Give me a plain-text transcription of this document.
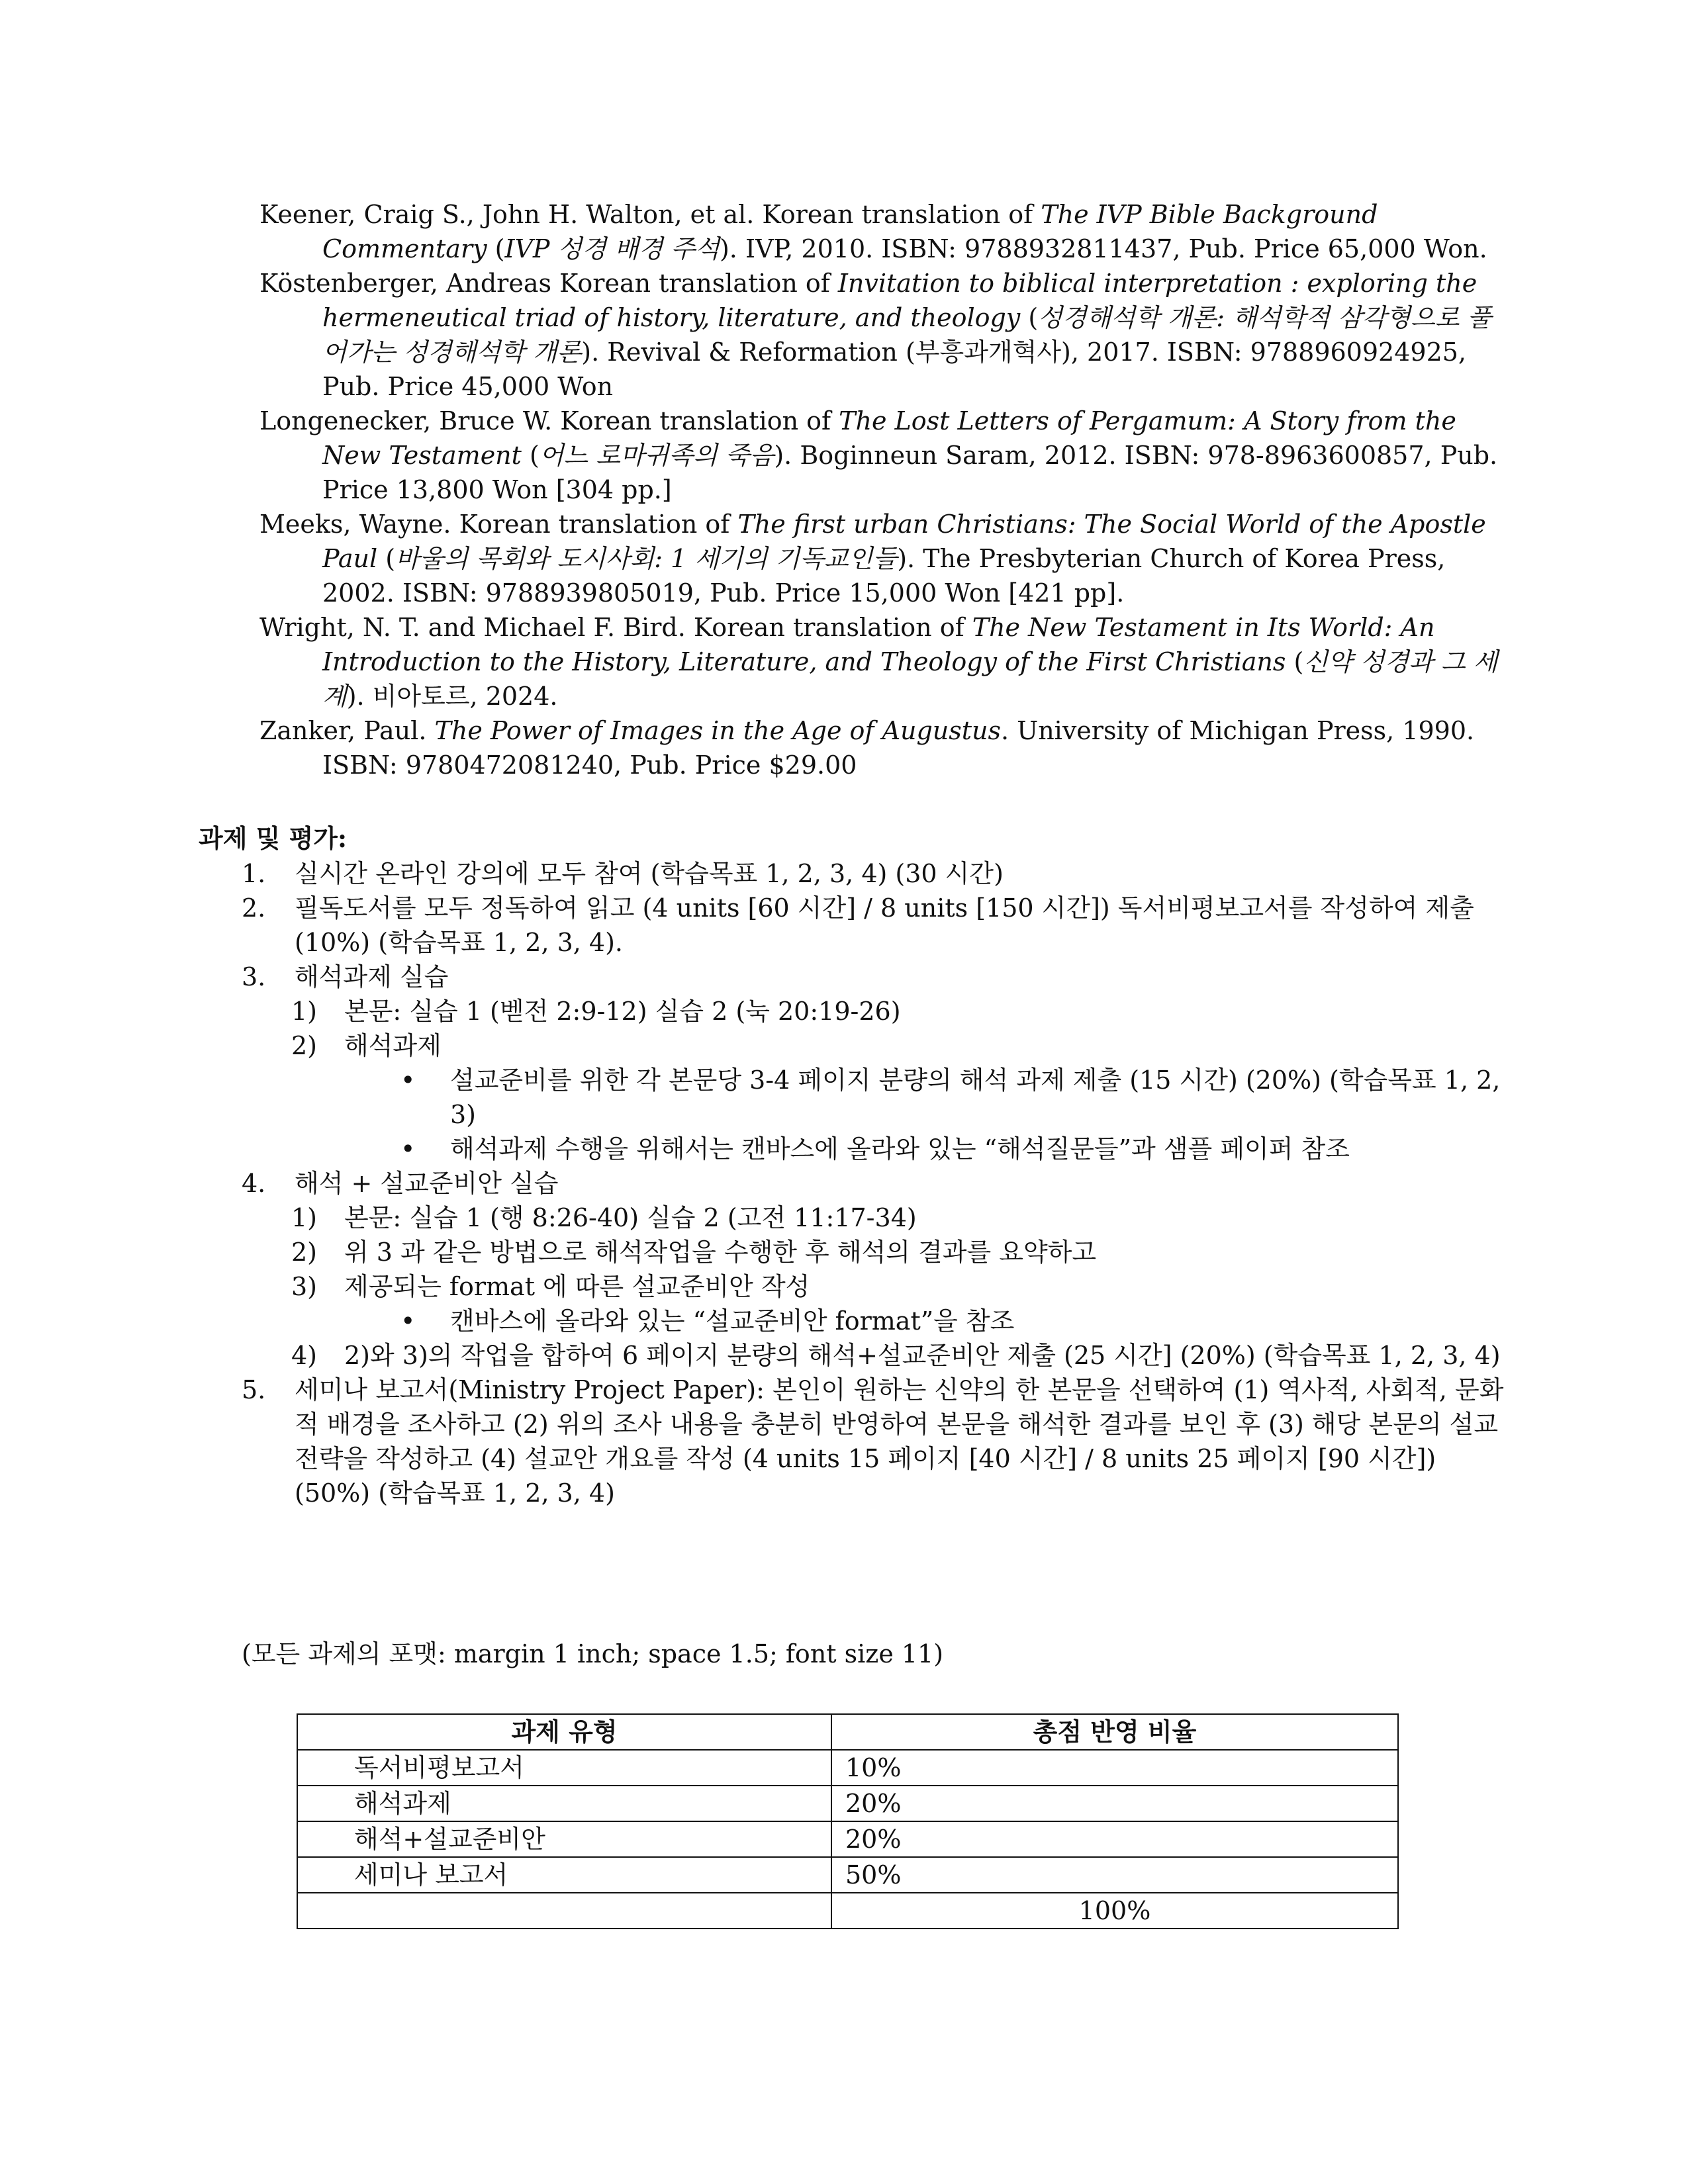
Keener, Craig S., John H. Walton, et al. Korean translation of The IVP Bible Background Commentary (IVP 성경 배경 주석). IVP, 2010. ISBN: 9788932811437, Pub. Price 65,000 Won.

Köstenberger, Andreas Korean translation of Invitation to biblical interpretation : exploring the hermeneutical triad of history, literature, and theology (성경해석학 개론: 해석학적 삼각형으로 풀어가는 성경해석학 개론). Revival & Reformation (부흥과개혁사), 2017. ISBN: 9788960924925, Pub. Price 45,000 Won

Longenecker, Bruce W. Korean translation of The Lost Letters of Pergamum: A Story from the New Testament (어느 로마귀족의 죽음). Boginneun Saram, 2012. ISBN: 978-8963600857, Pub. Price 13,800 Won [304 pp.]

Meeks, Wayne. Korean translation of The first urban Christians: The Social World of the Apostle Paul (바울의 목회와 도시사회: 1 세기의 기독교인들). The Presbyterian Church of Korea Press, 2002. ISBN: 9788939805019, Pub. Price 15,000 Won [421 pp].

Wright, N. T. and Michael F. Bird. Korean translation of The New Testament in Its World: An Introduction to the History, Literature, and Theology of the First Christians (신약 성경과 그 세계). 비아토르, 2024.

Zanker, Paul. The Power of Images in the Age of Augustus. University of Michigan Press, 1990. ISBN: 9780472081240, Pub. Price $29.00

과제 및 평가:

1.	실시간 온라인 강의에 모두 참여 (학습목표 1, 2, 3, 4) (30 시간)
2.	필독도서를 모두 정독하여 읽고 (4 units [60 시간] / 8 units [150 시간]) 독서비평보고서를 작성하여 제출 (10%) (학습목표 1, 2, 3, 4).
3.	해석과제 실습
1)	본문: 실습 1 (벧전 2:9-12) 실습 2 (눅 20:19-26)
2)	해석과제
•	설교준비를 위한 각 본문당 3-4 페이지 분량의 해석 과제 제출 (15 시간) (20%) (학습목표 1, 2, 3)
•	해석과제 수행을 위해서는 캔바스에 올라와 있는 “해석질문들”과 샘플 페이퍼 참조
4.	해석 + 설교준비안 실습
1)	본문: 실습 1 (행 8:26-40) 실습 2 (고전 11:17-34)
2)	위 3 과 같은 방법으로 해석작업을 수행한 후 해석의 결과를 요약하고
3)	제공되는 format 에 따른 설교준비안 작성
•	캔바스에 올라와 있는 “설교준비안 format”을 참조
4)	2)와 3)의 작업을 합하여 6 페이지 분량의 해석+설교준비안 제출 (25 시간] (20%) (학습목표 1, 2, 3, 4)
5.	세미나 보고서(Ministry Project Paper): 본인이 원하는 신약의 한 본문을 선택하여 (1) 역사적, 사회적, 문화적 배경을 조사하고 (2) 위의 조사 내용을 충분히 반영하여 본문을 해석한 결과를 보인 후 (3) 해당 본문의 설교 전략을 작성하고 (4) 설교안 개요를 작성 (4 units 15 페이지 [40 시간] / 8 units 25 페이지 [90 시간]) (50%) (학습목표 1, 2, 3, 4)

(모든 과제의 포맷: margin 1 inch; space 1.5; font size 11)

과제 유형	총점 반영 비율
독서비평보고서	10%
해석과제	20%
해석+설교준비안	20%
세미나 보고서	50%
	100%
